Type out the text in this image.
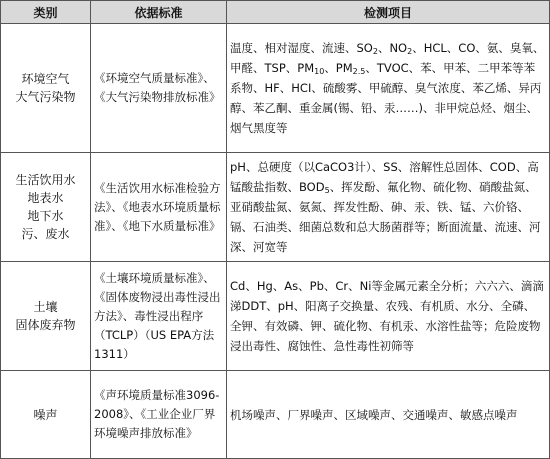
类别	依据标准	检测项目

环境空气
大气污染物	《环境空气质量标准》、《大气污染物排放标准》	温度、相对湿度、流速、$SO_2$、$NO_2$、HCL、CO、氨、臭氧、甲醛、TSP、$PM_{10}$、$PM_{2.5}$、TVOC、苯、甲苯、二甲苯等苯系物、HF、HCI、硫酸雾、甲硫醇、臭气浓度、苯乙烯、异丙醇、苯乙酮、重金属(锡、铅、汞……)、非甲烷总烃、烟尘、烟气黑度等

生活饮用水
地表水
地下水
污、废水	《生活饮用水标准检验方法》、《地表水环境质量标准》、《地下水质量标准》	pH、总硬度（以CaCO3计）、SS、溶解性总固体、COD、高锰酸盐指数、$BOD_5$、挥发酚、氟化物、硫化物、硝酸盐氮、亚硝酸盐氮、氨氮、挥发性酚、砷、汞、铁、锰、六价铬、镉、石油类、细菌总数和总大肠菌群等；断面流量、流速、河深、河宽等

土壤
固体废弃物	《土壤环境质量标准》、《固体废物浸出毒性浸出方法》、毒性浸出程序（TCLP）（US EPA方法1311）	Cd、Hg、As、Pb、Cr、Ni等金属元素全分析；六六六、滴滴涕DDT、pH、阳离子交换量、农残、有机质、水分、全磷、全钾、有效磷、钾、硫化物、有机汞、水溶性盐等；危险废物浸出毒性、腐蚀性、急性毒性初筛等

噪声	《声环境质量标准3096-2008》、《工业企业厂界环境噪声排放标准》	机场噪声、厂界噪声、区域噪声、交通噪声、敏感点噪声
